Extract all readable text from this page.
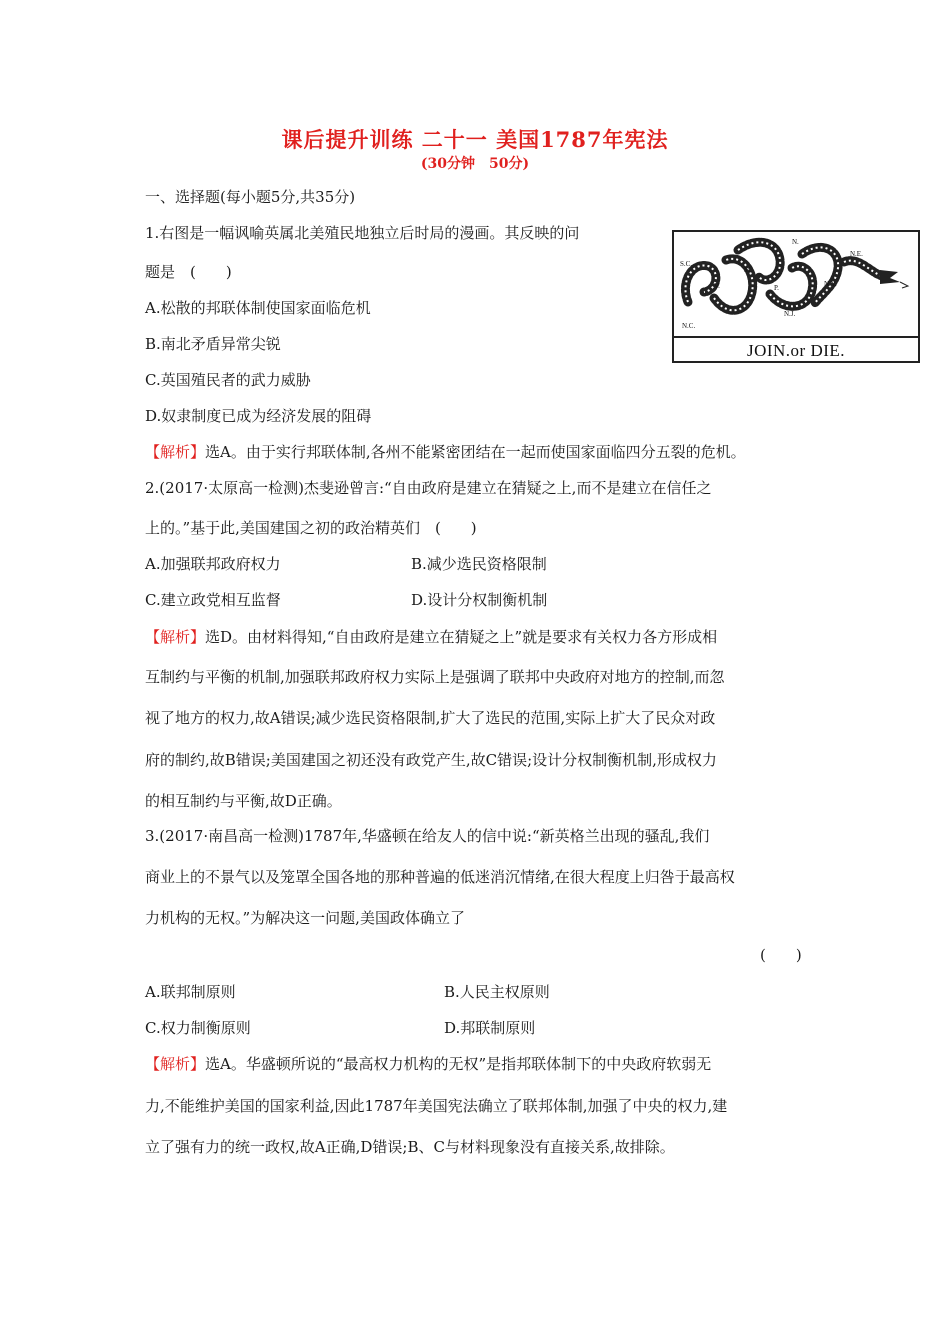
课后提升训练 二十一 美国1787年宪法
(30分钟　50分)
一、选择题(每小题5分,共35分)
1.右图是一幅讽喻英属北美殖民地独立后时局的漫画。其反映的问
题是　(　　)
A.松散的邦联体制使国家面临危机
B.南北矛盾异常尖锐
C.英国殖民者的武力威胁
D.奴隶制度已成为经济发展的阻碍
【解析】选A。由于实行邦联体制,各州不能紧密团结在一起而使国家面临四分五裂的危机。
S.C.
N.C.
V.
M.
P.
N.
N.J.
N.Y.
N.E.
JOIN.or DIE.
2.(2017·太原高一检测)杰斐逊曾言:“自由政府是建立在猜疑之上,而不是建立在信任之
上的。”基于此,美国建国之初的政治精英们　(　　)
A.加强联邦政府权力	B.减少选民资格限制
C.建立政党相互监督	D.设计分权制衡机制
【解析】选D。由材料得知,“自由政府是建立在猜疑之上”就是要求有关权力各方形成相
互制约与平衡的机制,加强联邦政府权力实际上是强调了联邦中央政府对地方的控制,而忽
视了地方的权力,故A错误;减少选民资格限制,扩大了选民的范围,实际上扩大了民众对政
府的制约,故B错误;美国建国之初还没有政党产生,故C错误;设计分权制衡机制,形成权力
的相互制约与平衡,故D正确。
3.(2017·南昌高一检测)1787年,华盛顿在给友人的信中说:“新英格兰出现的骚乱,我们
商业上的不景气以及笼罩全国各地的那种普遍的低迷消沉情绪,在很大程度上归咎于最高权
力机构的无权。”为解决这一问题,美国政体确立了
(　　)
A.联邦制原则	B.人民主权原则
C.权力制衡原则	D.邦联制原则
【解析】选A。华盛顿所说的“最高权力机构的无权”是指邦联体制下的中央政府软弱无
力,不能维护美国的国家利益,因此1787年美国宪法确立了联邦体制,加强了中央的权力,建
立了强有力的统一政权,故A正确,D错误;B、C与材料现象没有直接关系,故排除。
